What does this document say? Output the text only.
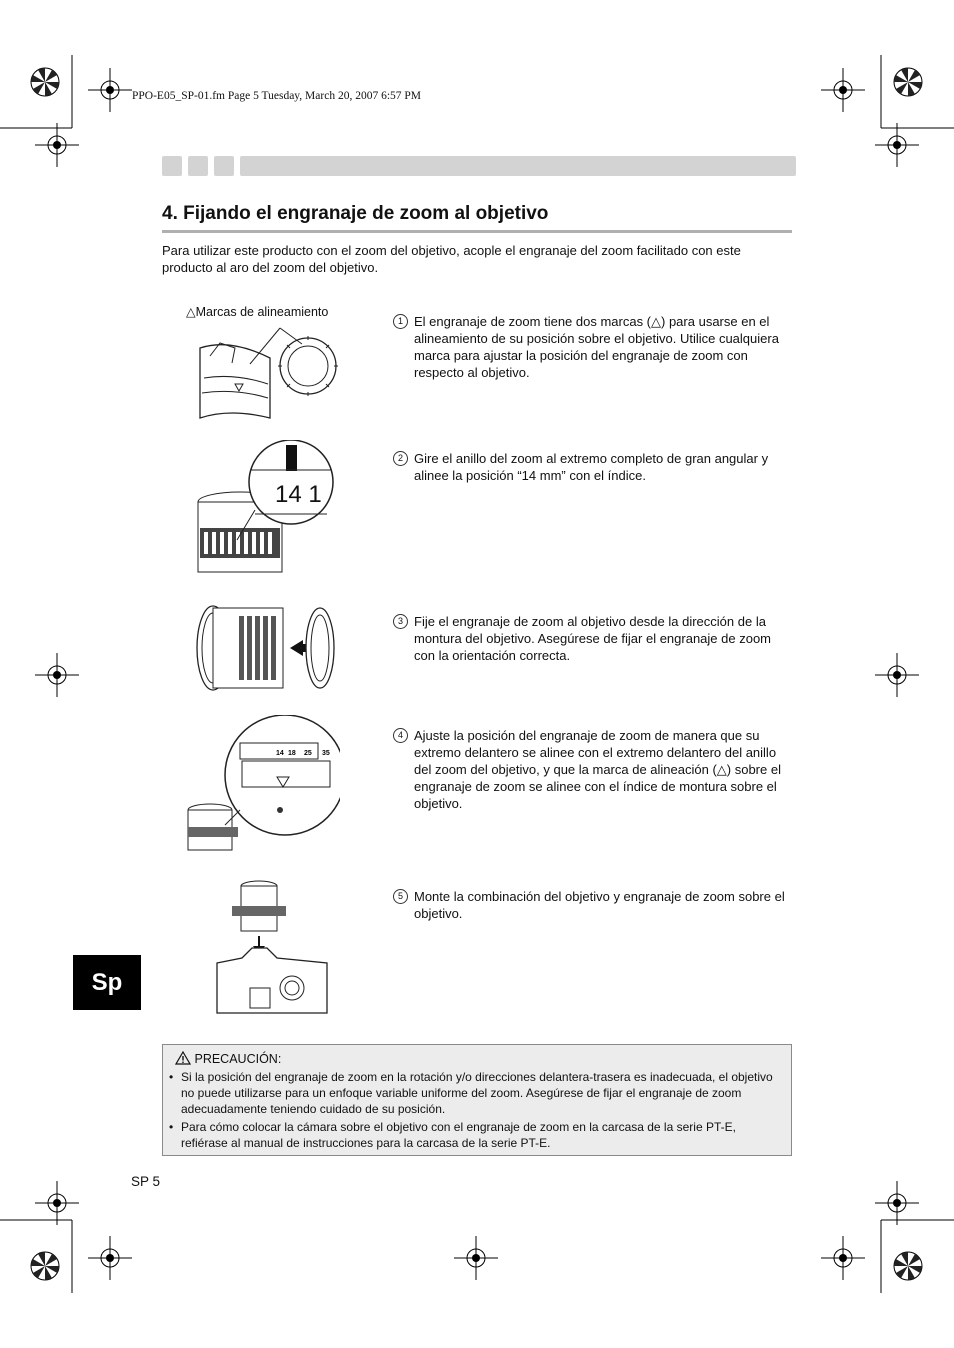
PPO-E05_SP-01.fm Page 5 Tuesday, March 20, 2007 6:57 PM
4. Fijando el engranaje de zoom al objetivo
Para utilizar este producto con el zoom del objetivo, acople el engranaje del zoom facilitado con este producto al aro del zoom del objetivo.
△Marcas de alineamiento
14 1
14 18 25 35
1 El engranaje de zoom tiene dos marcas (△) para usarse en el alineamiento de su posición sobre el objetivo. Utilice cualquiera marca para ajustar la posición del engranaje de zoom con respecto al objetivo.
2 Gire el anillo del zoom al extremo completo de gran angular y alinee la posición “14 mm” con el índice.
3 Fije el engranaje de zoom al objetivo desde la dirección de la montura del objetivo. Asegúrese de fijar el engranaje de zoom con la orientación correcta.
4 Ajuste la posición del engranaje de zoom de manera que su extremo delantero se alinee con el extremo delantero del anillo del zoom del objetivo, y que la marca de alineación (△) sobre el engranaje de zoom se alinee con el índice de montura sobre el objetivo.
5 Monte la combinación del objetivo y engranaje de zoom sobre el objetivo.
Sp
PRECAUCIÓN:
• Si la posición del engranaje de zoom en la rotación y/o direcciones delantera-trasera es inadecuada, el objetivo no puede utilizarse para un enfoque variable uniforme del zoom. Asegúrese de fijar el engranaje de zoom adecuadamente teniendo cuidado de su posición.
• Para cómo colocar la cámara sobre el objetivo con el engranaje de zoom en la carcasa de la serie PT-E, refiérase al manual de instrucciones para la carcasa de la serie PT-E.
SP 5
